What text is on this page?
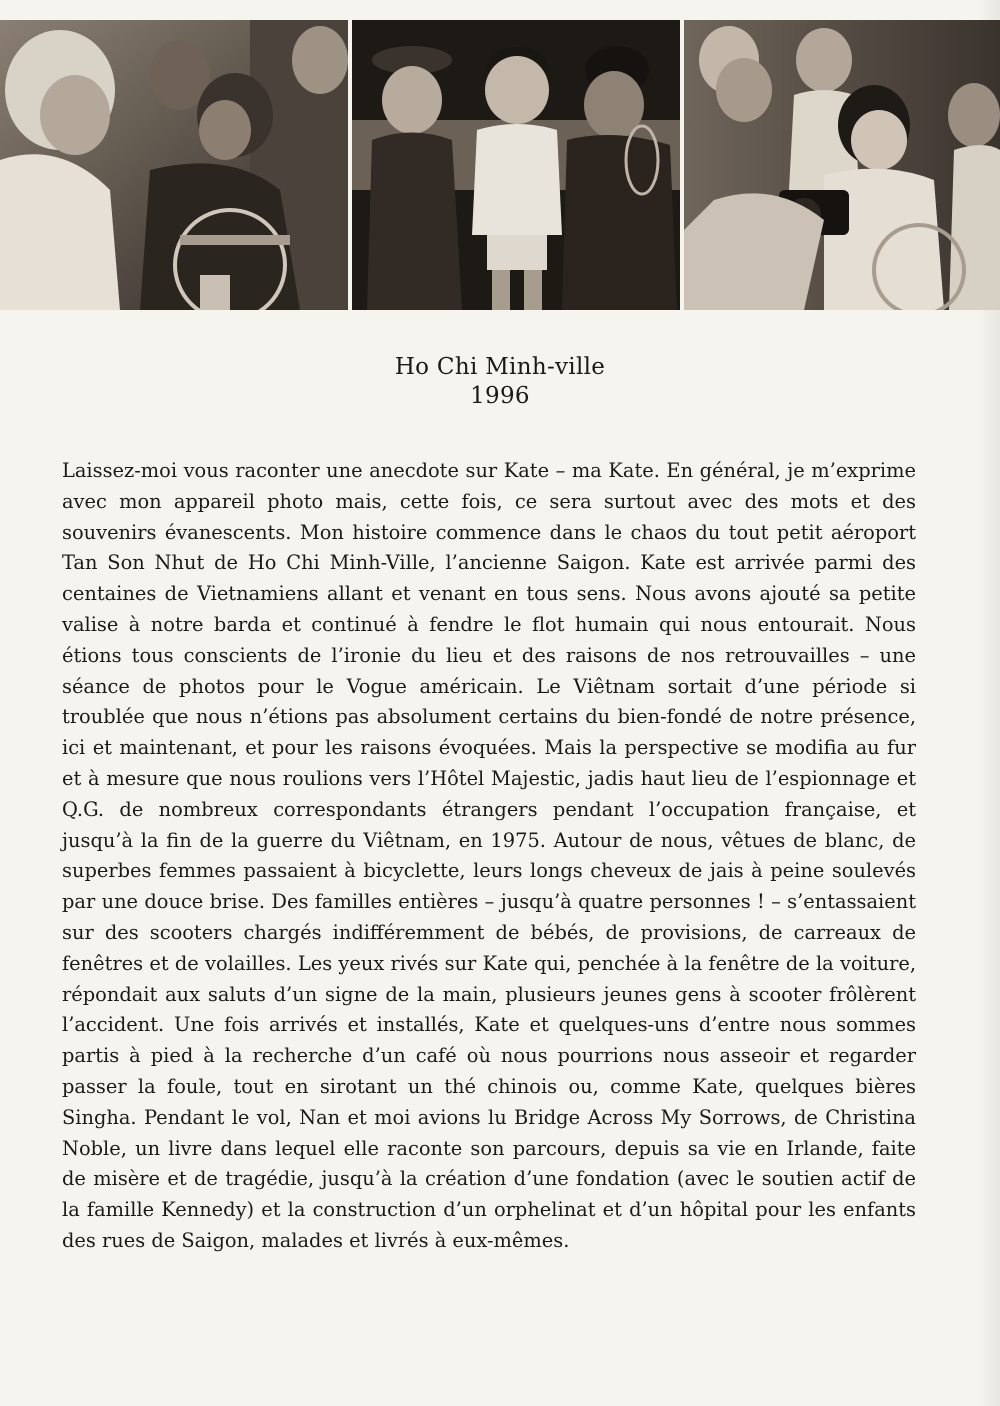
Ho Chi Minh-ville
1996

Laissez-moi vous raconter une anecdote sur Kate – ma Kate. En général, je m’exprime avec mon appareil photo mais, cette fois, ce sera surtout avec des mots et des souvenirs évanescents. Mon histoire commence dans le chaos du tout petit aéroport Tan Son Nhut de Ho Chi Minh-Ville, l’ancienne Saigon. Kate est arrivée parmi des centaines de Vietnamiens allant et venant en tous sens. Nous avons ajouté sa petite valise à notre barda et continué à fendre le flot humain qui nous entourait. Nous étions tous conscients de l’ironie du lieu et des raisons de nos retrouvailles – une séance de photos pour le Vogue américain. Le Viêtnam sortait d’une période si troublée que nous n’étions pas absolument certains du bien-fondé de notre présence, ici et maintenant, et pour les raisons évoquées. Mais la perspective se modifia au fur et à mesure que nous roulions vers l’Hôtel Majestic, jadis haut lieu de l’espionnage et Q.G. de nombreux correspondants étrangers pendant l’occupation française, et jusqu’à la fin de la guerre du Viêtnam, en 1975. Autour de nous, vêtues de blanc, de superbes femmes passaient à bicyclette, leurs longs cheveux de jais à peine soulevés par une douce brise. Des familles entières – jusqu’à quatre personnes ! – s’entassaient sur des scooters chargés indifféremment de bébés, de provisions, de carreaux de fenêtres et de volailles. Les yeux rivés sur Kate qui, penchée à la fenêtre de la voiture, répondait aux saluts d’un signe de la main, plusieurs jeunes gens à scooter frôlèrent l’accident. Une fois arrivés et installés, Kate et quelques-uns d’entre nous sommes partis à pied à la recherche d’un café où nous pourrions nous asseoir et regarder passer la foule, tout en sirotant un thé chinois ou, comme Kate, quelques bières Singha. Pendant le vol, Nan et moi avions lu Bridge Across My Sorrows, de Christina Noble, un livre dans lequel elle raconte son parcours, depuis sa vie en Irlande, faite de misère et de tragédie, jusqu’à la création d’une fondation (avec le soutien actif de la famille Kennedy) et la construction d’un orphelinat et d’un hôpital pour les enfants des rues de Saigon, malades et livrés à eux-mêmes.
